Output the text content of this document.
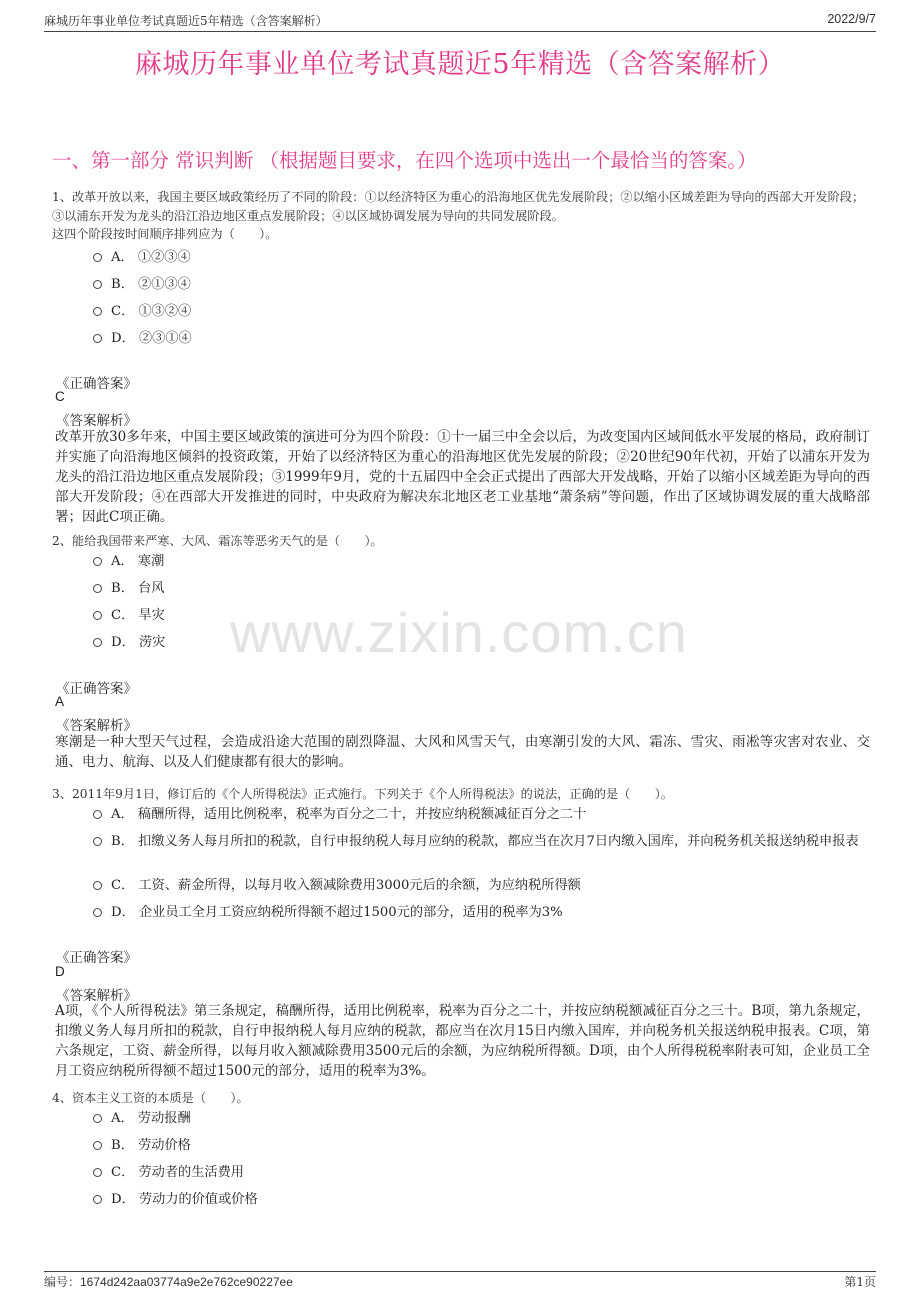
麻城历年事业单位考试真题近5年精选（含答案解析）	2022/9/7
麻城历年事业单位考试真题近5年精选（含答案解析）
一、第一部分 常识判断 （根据题目要求，在四个选项中选出一个最恰当的答案。）
www.zixin.com.cn
1、改革开放以来，我国主要区域政策经历了不同的阶段：①以经济特区为重心的沿海地区优先发展阶段；②以缩小区域差距为导向的西部大开发阶段；③以浦东开发为龙头的沿江沿边地区重点发展阶段；④以区域协调发展为导向的共同发展阶段。
这四个阶段按时间顺序排列应为（　　）。
A． ①②③④
B． ②①③④
C． ①③②④
D． ②③①④
《正确答案》
C
《答案解析》
改革开放30多年来，中国主要区域政策的演进可分为四个阶段：①十一届三中全会以后，为改变国内区域间低水平发展的格局，政府制订并实施了向沿海地区倾斜的投资政策，开始了以经济特区为重心的沿海地区优先发展的阶段；②20世纪90年代初，开始了以浦东开发为龙头的沿江沿边地区重点发展阶段；③1999年9月，党的十五届四中全会正式提出了西部大开发战略，开始了以缩小区域差距为导向的西部大开发阶段；④在西部大开发推进的同时，中央政府为解决东北地区老工业基地“萧条病”等问题，作出了区域协调发展的重大战略部署；因此C项正确。
2、能给我国带来严寒、大风、霜冻等恶劣天气的是（　　）。
A． 寒潮
B． 台风
C． 旱灾
D． 涝灾
《正确答案》
A
《答案解析》
寒潮是一种大型天气过程，会造成沿途大范围的剧烈降温、大风和风雪天气，由寒潮引发的大风、霜冻、雪灾、雨凇等灾害对农业、交通、电力、航海、以及人们健康都有很大的影响。
3、2011年9月1日，修订后的《个人所得税法》正式施行。下列关于《个人所得税法》的说法，正确的是（　　）。
A． 稿酬所得，适用比例税率，税率为百分之二十，并按应纳税额减征百分之二十
B． 扣缴义务人每月所扣的税款，自行申报纳税人每月应纳的税款，都应当在次月7日内缴入国库，并向税务机关报送纳税申报表
C． 工资、薪金所得，以每月收入额减除费用3000元后的余额，为应纳税所得额
D． 企业员工全月工资应纳税所得额不超过1500元的部分，适用的税率为3%
《正确答案》
D
《答案解析》
A项，《个人所得税法》第三条规定，稿酬所得，适用比例税率，税率为百分之二十，并按应纳税额减征百分之三十。B项，第九条规定，扣缴义务人每月所扣的税款，自行申报纳税人每月应纳的税款，都应当在次月15日内缴入国库，并向税务机关报送纳税申报表。C项，第六条规定，工资、薪金所得，以每月收入额减除费用3500元后的余额，为应纳税所得额。D项，由个人所得税税率附表可知，企业员工全月工资应纳税所得额不超过1500元的部分，适用的税率为3%。
4、资本主义工资的本质是（　　）。
A． 劳动报酬
B． 劳动价格
C． 劳动者的生活费用
D． 劳动力的价值或价格
编号：1674d242aa03774a9e2e762ce90227ee	第1页
